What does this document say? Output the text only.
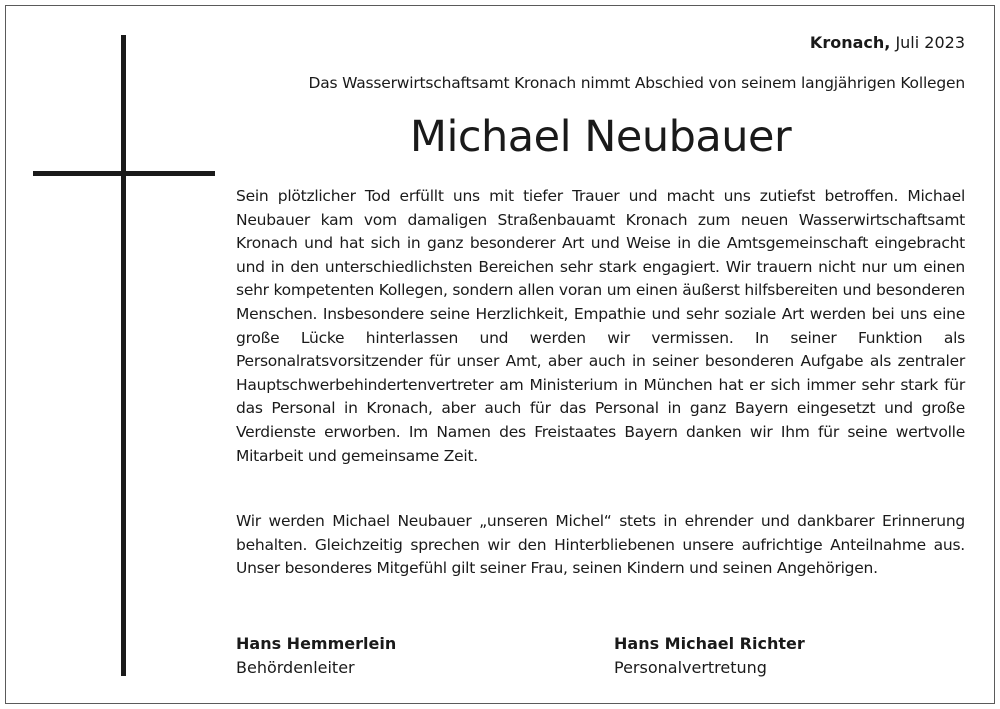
Kronach, Juli 2023
Das Wasserwirtschaftsamt Kronach nimmt Abschied von seinem langjährigen Kollegen
Michael Neubauer
Sein plötzlicher Tod erfüllt uns mit tiefer Trauer und macht uns zutiefst betroffen. Michael Neubauer kam vom damaligen Straßenbauamt Kronach zum neuen Wasserwirtschaftsamt Kronach und hat sich in ganz besonderer Art und Weise in die Amtsgemeinschaft eingebracht und in den unterschiedlichsten Bereichen sehr stark engagiert. Wir trauern nicht nur um einen sehr kompetenten Kollegen, sondern allen voran um einen äußerst hilfsbereiten und besonderen Menschen. Insbesondere seine Herzlichkeit, Empathie und sehr soziale Art werden bei uns eine große Lücke hinterlassen und werden wir vermissen. In seiner Funktion als Personalratsvorsitzender für unser Amt, aber auch in seiner besonderen Aufgabe als zentraler Hauptschwerbehindertenvertreter am Ministerium in München hat er sich immer sehr stark für das Personal in Kronach, aber auch für das Personal in ganz Bayern eingesetzt und große Verdienste erworben. Im Namen des Freistaates Bayern danken wir Ihm für seine wertvolle Mitarbeit und gemeinsame Zeit.
Wir werden Michael Neubauer „unseren Michel“ stets in ehrender und dankbarer Erinnerung behalten. Gleichzeitig sprechen wir den Hinterbliebenen unsere aufrichtige Anteilnahme aus. Unser besonderes Mitgefühl gilt seiner Frau, seinen Kindern und seinen Angehörigen.
Hans Hemmerlein
Behördenleiter
Hans Michael Richter
Personalvertretung
